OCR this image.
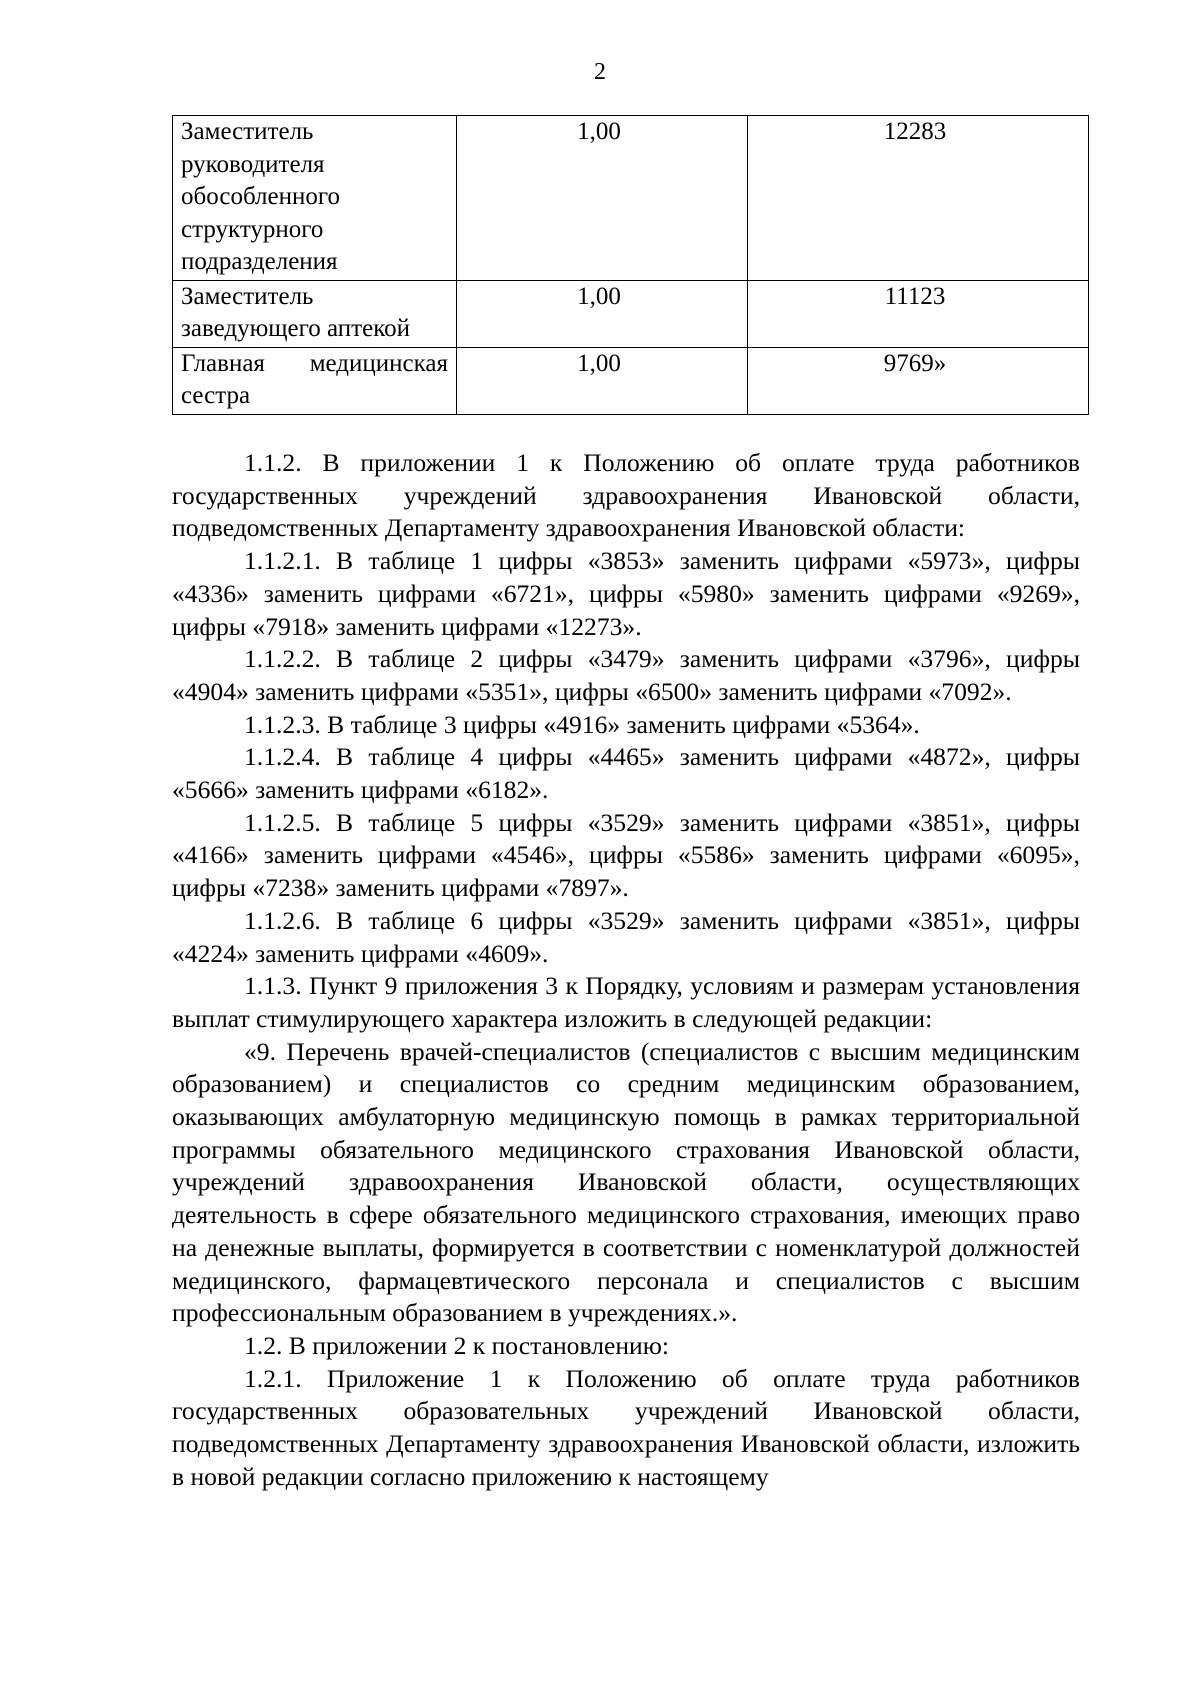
2
Заместитель руководителя обособленного структурного подразделения	1,00	12283
Заместитель заведующего аптекой	1,00	11123
Главная медицинская сестра	1,00	9769»

1.1.2. В приложении 1 к Положению об оплате труда работников государственных учреждений здравоохранения Ивановской области, подведомственных Департаменту здравоохранения Ивановской области:

1.1.2.1. В таблице 1 цифры «3853» заменить цифрами «5973», цифры «4336» заменить цифрами «6721», цифры «5980» заменить цифрами «9269», цифры «7918» заменить цифрами «12273».

1.1.2.2. В таблице 2 цифры «3479» заменить цифрами «3796», цифры «4904» заменить цифрами «5351», цифры «6500» заменить цифрами «7092».

1.1.2.3. В таблице 3 цифры «4916» заменить цифрами «5364».

1.1.2.4. В таблице 4 цифры «4465» заменить цифрами «4872», цифры «5666» заменить цифрами «6182».

1.1.2.5. В таблице 5 цифры «3529» заменить цифрами «3851», цифры «4166» заменить цифрами «4546», цифры «5586» заменить цифрами «6095», цифры «7238» заменить цифрами «7897».

1.1.2.6. В таблице 6 цифры «3529» заменить цифрами «3851», цифры «4224» заменить цифрами «4609».

1.1.3. Пункт 9 приложения 3 к Порядку, условиям и размерам установления выплат стимулирующего характера изложить в следующей редакции:

«9. Перечень врачей-специалистов (специалистов с высшим медицинским образованием) и специалистов со средним медицинским образованием, оказывающих амбулаторную медицинскую помощь в рамках территориальной программы обязательного медицинского страхования Ивановской области, учреждений здравоохранения Ивановской области, осуществляющих деятельность в сфере обязательного медицинского страхования, имеющих право на денежные выплаты, формируется в соответствии с номенклатурой должностей медицинского, фармацевтического персонала и специалистов с высшим профессиональным образованием в учреждениях.».

1.2. В приложении 2 к постановлению:

1.2.1. Приложение 1 к Положению об оплате труда работников государственных образовательных учреждений Ивановской области, подведомственных Департаменту здравоохранения Ивановской области, изложить в новой редакции согласно приложению к настоящему
